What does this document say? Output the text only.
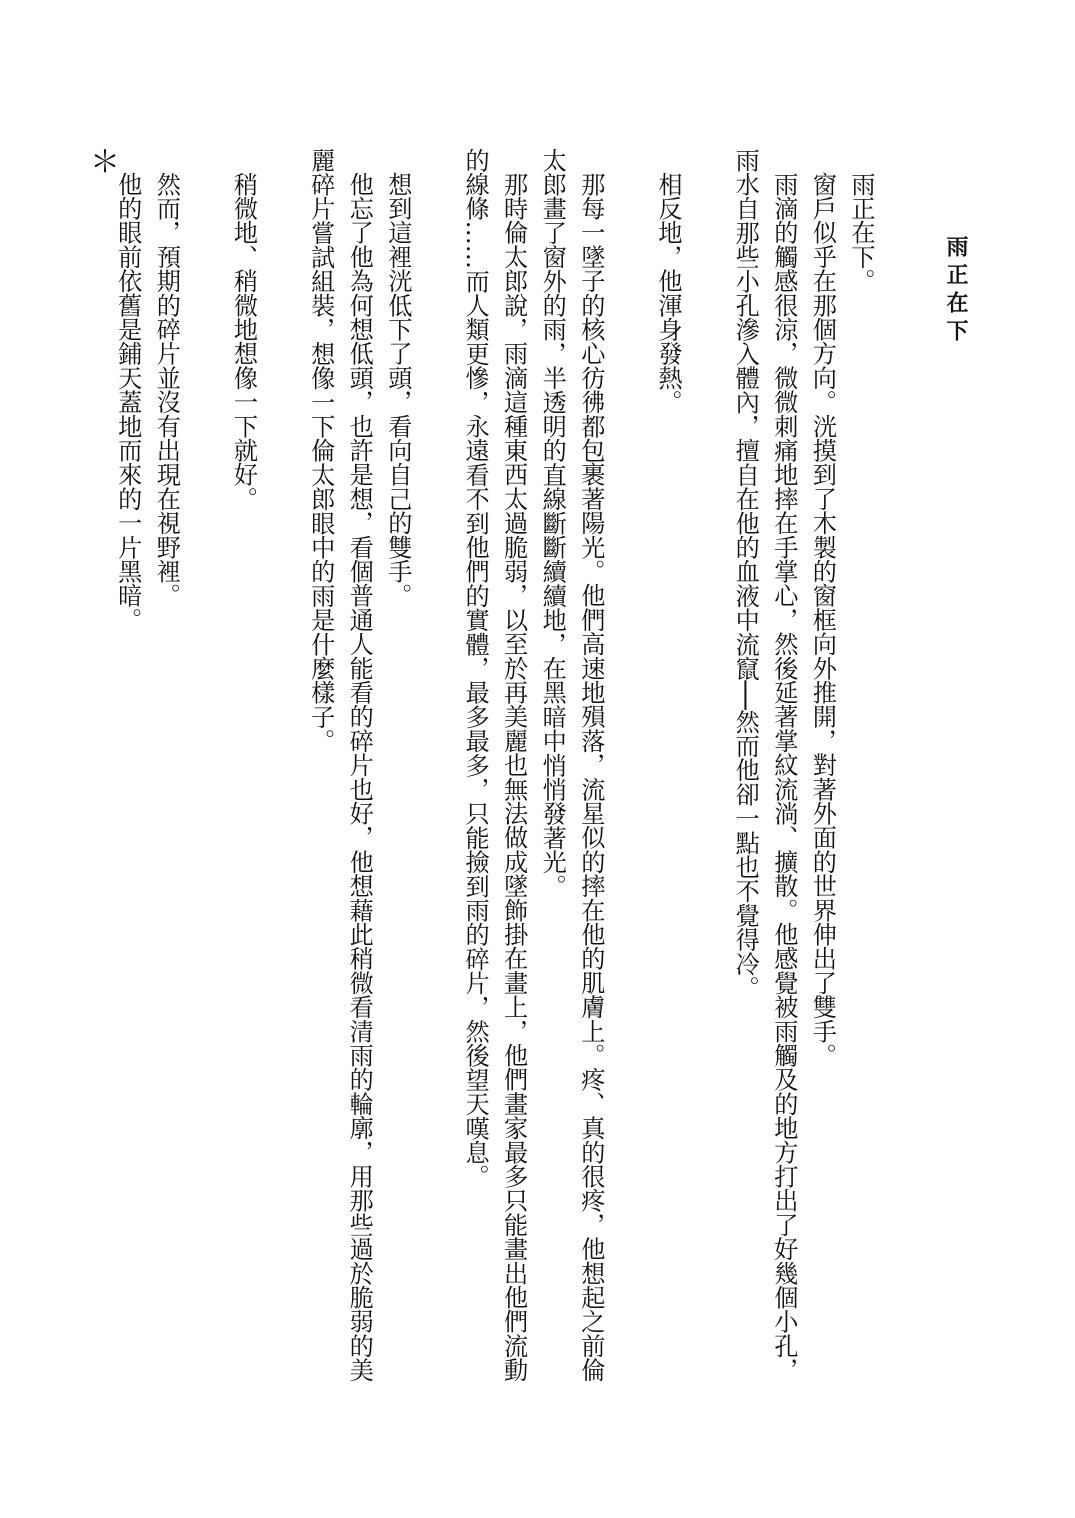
雨正在下

雨正在下。

窗戶似乎在那個方向。洸摸到了木製的窗框向外推開，對著外面的世界伸出了雙手。

雨滴的觸感很涼，微微刺痛地摔在手掌心，然後延著掌紋流淌、擴散。他感覺被雨觸及的地方打出了好幾個小孔，雨水自那些小孔滲入體內，擅自在他的血液中流竄──然而他卻一點也不覺得冷。

相反地，他渾身發熱。

那每一墜子的核心彷彿都包裹著陽光。他們高速地殞落，流星似的摔在他的肌膚上。疼、真的很疼，他想起之前倫太郎畫了窗外的雨，半透明的直線斷斷續續地，在黑暗中悄悄發著光。

那時倫太郎說，雨滴這種東西太過脆弱，以至於再美麗也無法做成墜飾掛在畫上，他們畫家最多只能畫出他們流動的線條……而人類更慘，永遠看不到他們的實體，最多最多，只能撿到雨的碎片，然後望天嘆息。

想到這裡洸低下了頭，看向自己的雙手。

他忘了他為何想低頭，也許是想，看個普通人能看的碎片也好，他想藉此稍微看清雨的輪廓，用那些過於脆弱的美麗碎片嘗試組裝，想像一下倫太郎眼中的雨是什麼樣子。

稍微地、稍微地想像一下就好。

然而，預期的碎片並沒有出現在視野裡。

他的眼前依舊是鋪天蓋地而來的一片黑暗。

＊
